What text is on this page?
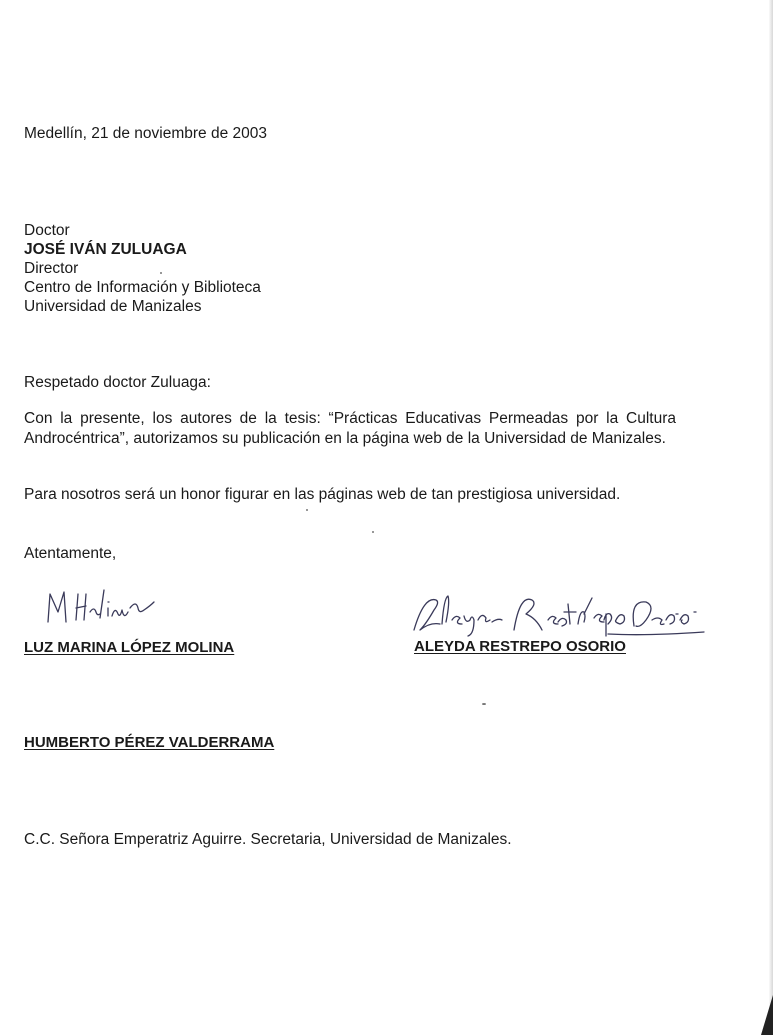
Medellín, 21 de noviembre de 2003

Doctor
JOSÉ IVÁN ZULUAGA
Director
Centro de Información y Biblioteca
Universidad de Manizales

Respetado doctor Zuluaga:

Con la presente, los autores de la tesis: “Prácticas Educativas Permeadas por la Cultura Androcéntrica”, autorizamos su publicación en la página web de la Universidad de Manizales.

Para nosotros será un honor figurar en las páginas web de tan prestigiosa universidad.

Atentamente,

LUZ MARINA LÓPEZ MOLINA	ALEYDA RESTREPO OSORIO
HUMBERTO PÉREZ VALDERRAMA

C.C. Señora Emperatriz Aguirre. Secretaria, Universidad de Manizales.
